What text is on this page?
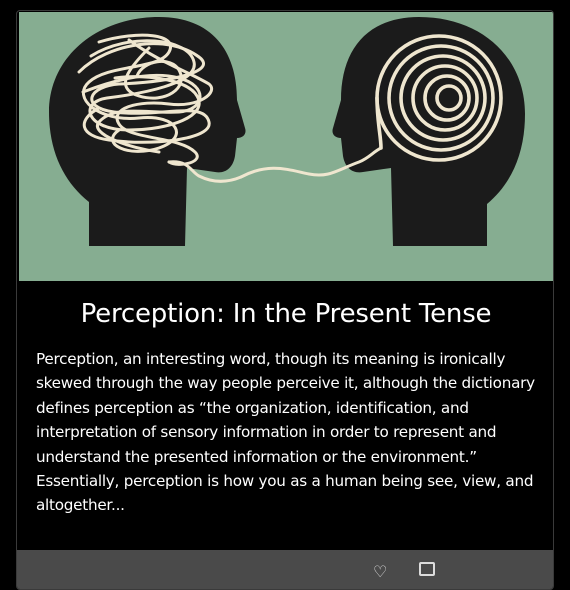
Perception: In the Present Tense

Perception, an interesting word, though its meaning is ironically skewed through the way people perceive it, although the dictionary defines perception as “the organization, identification, and interpretation of sensory information in order to represent and understand the presented information or the environment.” Essentially, perception is how you as a human being see, view, and altogether...

♡
